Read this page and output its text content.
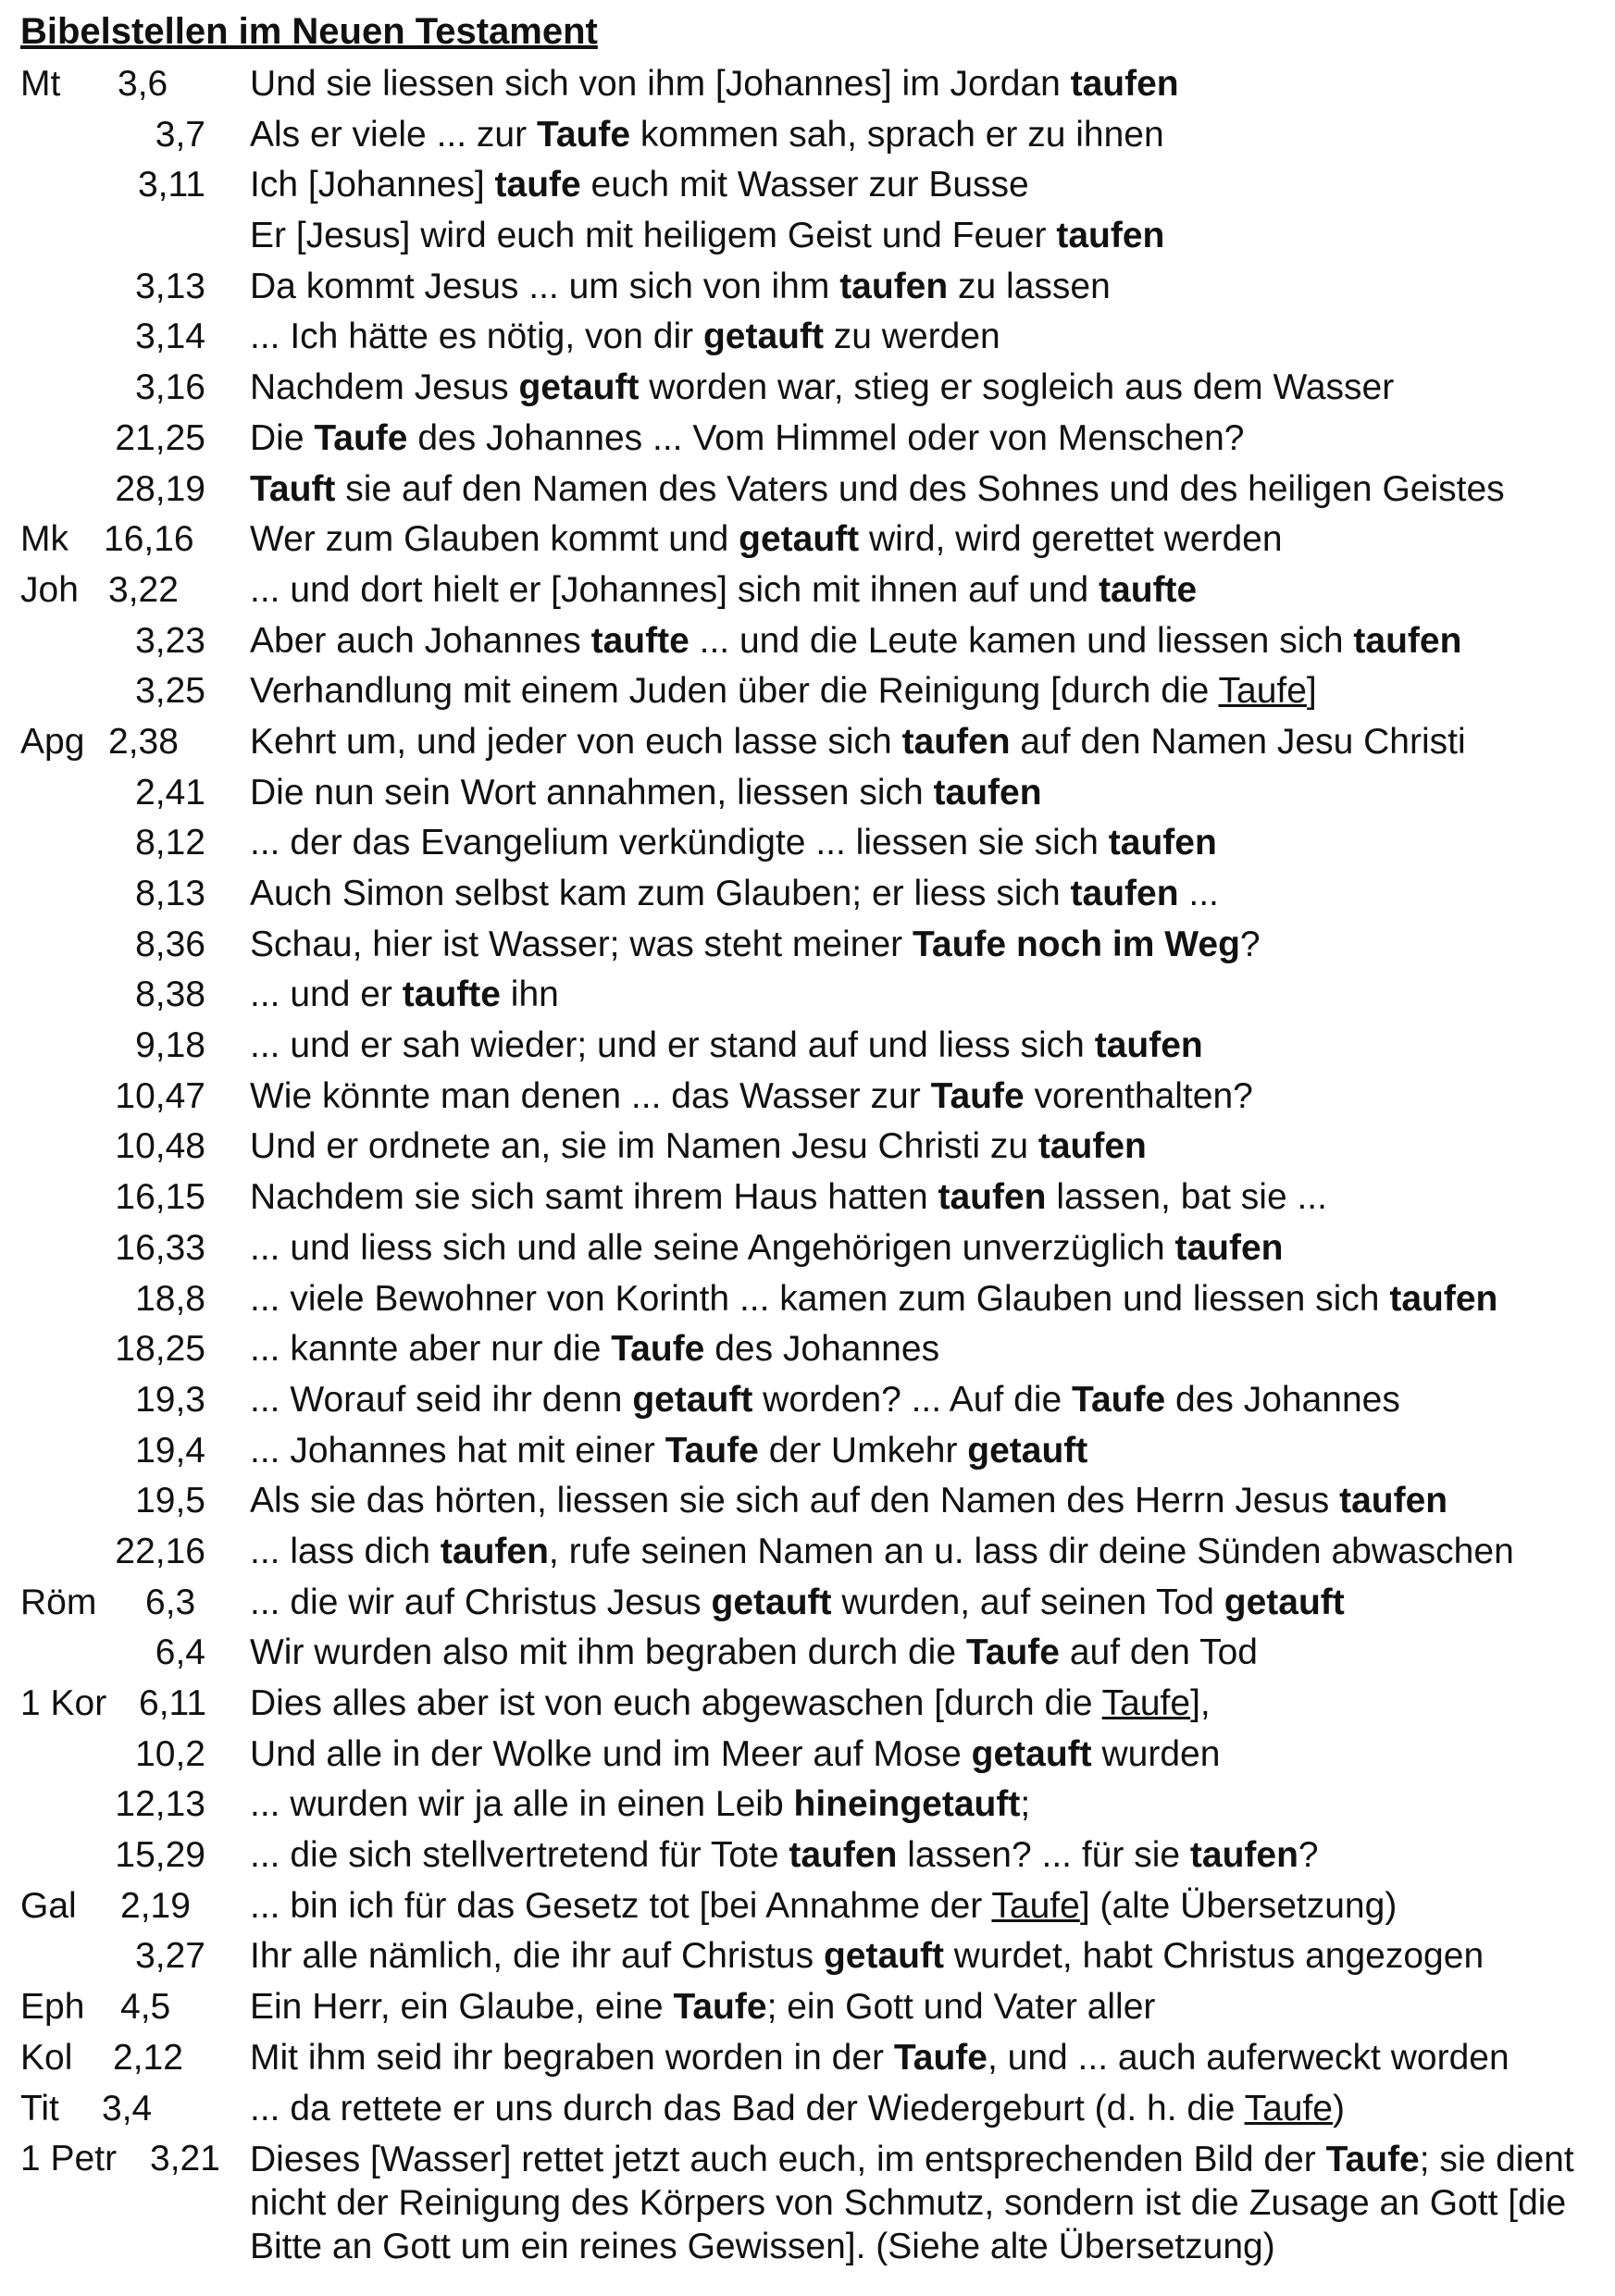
Bibelstellen im Neuen Testament
Mt 3,6 Und sie liessen sich von ihm [Johannes] im Jordan taufen
3,7 Als er viele ... zur Taufe kommen sah, sprach er zu ihnen
3,11 Ich [Johannes] taufe euch mit Wasser zur Busse
Er [Jesus] wird euch mit heiligem Geist und Feuer taufen
3,13 Da kommt Jesus ... um sich von ihm taufen zu lassen
3,14 ... Ich hätte es nötig, von dir getauft zu werden
3,16 Nachdem Jesus getauft worden war, stieg er sogleich aus dem Wasser
21,25 Die Taufe des Johannes ... Vom Himmel oder von Menschen?
28,19 Tauft sie auf den Namen des Vaters und des Sohnes und des heiligen Geistes
Mk 16,16 Wer zum Glauben kommt und getauft wird, wird gerettet werden
Joh 3,22 ... und dort hielt er [Johannes] sich mit ihnen auf und taufte
3,23 Aber auch Johannes taufte ... und die Leute kamen und liessen sich taufen
3,25 Verhandlung mit einem Juden über die Reinigung [durch die Taufe]
Apg 2,38 Kehrt um, und jeder von euch lasse sich taufen auf den Namen Jesu Christi
2,41 Die nun sein Wort annahmen, liessen sich taufen
8,12 ... der das Evangelium verkündigte ... liessen sie sich taufen
8,13 Auch Simon selbst kam zum Glauben; er liess sich taufen ...
8,36 Schau, hier ist Wasser; was steht meiner Taufe noch im Weg?
8,38 ... und er taufte ihn
9,18 ... und er sah wieder; und er stand auf und liess sich taufen
10,47 Wie könnte man denen ... das Wasser zur Taufe vorenthalten?
10,48 Und er ordnete an, sie im Namen Jesu Christi zu taufen
16,15 Nachdem sie sich samt ihrem Haus hatten taufen lassen, bat sie ...
16,33 ... und liess sich und alle seine Angehörigen unverzüglich taufen
18,8 ... viele Bewohner von Korinth ... kamen zum Glauben und liessen sich taufen
18,25 ... kannte aber nur die Taufe des Johannes
19,3 ... Worauf seid ihr denn getauft worden? ... Auf die Taufe des Johannes
19,4 ... Johannes hat mit einer Taufe der Umkehr getauft
19,5 Als sie das hörten, liessen sie sich auf den Namen des Herrn Jesus taufen
22,16 ... lass dich taufen, rufe seinen Namen an u. lass dir deine Sünden abwaschen
Röm 6,3 ... die wir auf Christus Jesus getauft wurden, auf seinen Tod getauft
6,4 Wir wurden also mit ihm begraben durch die Taufe auf den Tod
1 Kor 6,11 Dies alles aber ist von euch abgewaschen [durch die Taufe],
10,2 Und alle in der Wolke und im Meer auf Mose getauft wurden
12,13 ... wurden wir ja alle in einen Leib hineingetauft;
15,29 ... die sich stellvertretend für Tote taufen lassen? ... für sie taufen?
Gal 2,19 ... bin ich für das Gesetz tot [bei Annahme der Taufe] (alte Übersetzung)
3,27 Ihr alle nämlich, die ihr auf Christus getauft wurdet, habt Christus angezogen
Eph 4,5 Ein Herr, ein Glaube, eine Taufe; ein Gott und Vater aller
Kol 2,12 Mit ihm seid ihr begraben worden in der Taufe, und ... auch auferweckt worden
Tit 3,4	... da rettete er uns durch das Bad der Wiedergeburt (d. h. die Taufe)
1 Petr 3,21 Dieses [Wasser] rettet jetzt auch euch, im entsprechenden Bild der Taufe; sie dient nicht der Reinigung des Körpers von Schmutz, sondern ist die Zusage an Gott [die Bitte an Gott um ein reines Gewissen]. (Siehe alte Übersetzung)
